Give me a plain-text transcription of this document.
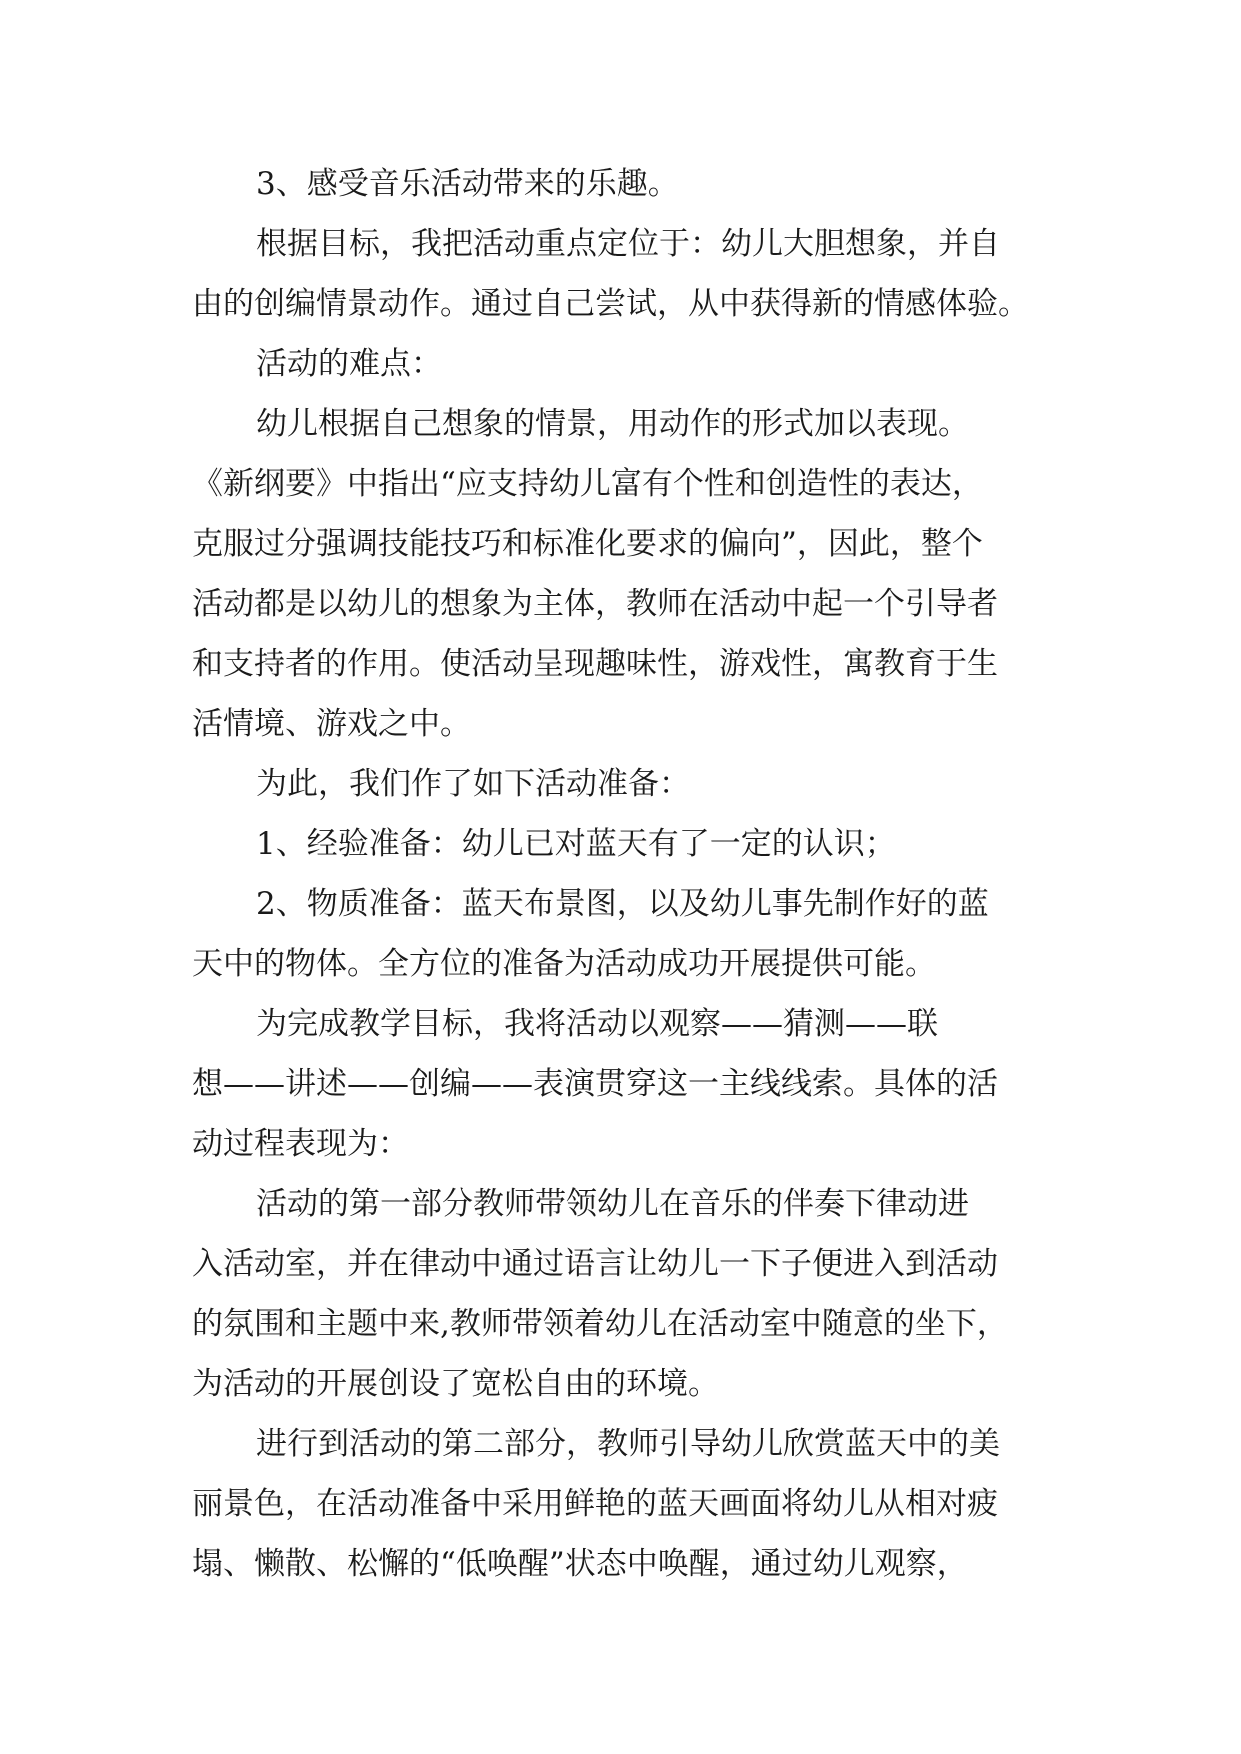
3、感受音乐活动带来的乐趣。
根据目标，我把活动重点定位于：幼儿大胆想象，并自
由的创编情景动作。通过自己尝试，从中获得新的情感体验。
活动的难点：
幼儿根据自己想象的情景，用动作的形式加以表现。
《新纲要》中指出“应支持幼儿富有个性和创造性的表达，
克服过分强调技能技巧和标准化要求的偏向”，因此，整个
活动都是以幼儿的想象为主体，教师在活动中起一个引导者
和支持者的作用。使活动呈现趣味性，游戏性，寓教育于生
活情境、游戏之中。
为此，我们作了如下活动准备：
1、经验准备：幼儿已对蓝天有了一定的认识；
2、物质准备：蓝天布景图，以及幼儿事先制作好的蓝
天中的物体。全方位的准备为活动成功开展提供可能。
为完成教学目标，我将活动以观察——猜测——联
想——讲述——创编——表演贯穿这一主线线索。具体的活
动过程表现为：
活动的第一部分教师带领幼儿在音乐的伴奏下律动进
入活动室，并在律动中通过语言让幼儿一下子便进入到活动
的氛围和主题中来,教师带领着幼儿在活动室中随意的坐下，
为活动的开展创设了宽松自由的环境。
进行到活动的第二部分，教师引导幼儿欣赏蓝天中的美
丽景色，在活动准备中采用鲜艳的蓝天画面将幼儿从相对疲
塌、懒散、松懈的“低唤醒”状态中唤醒，通过幼儿观察，
